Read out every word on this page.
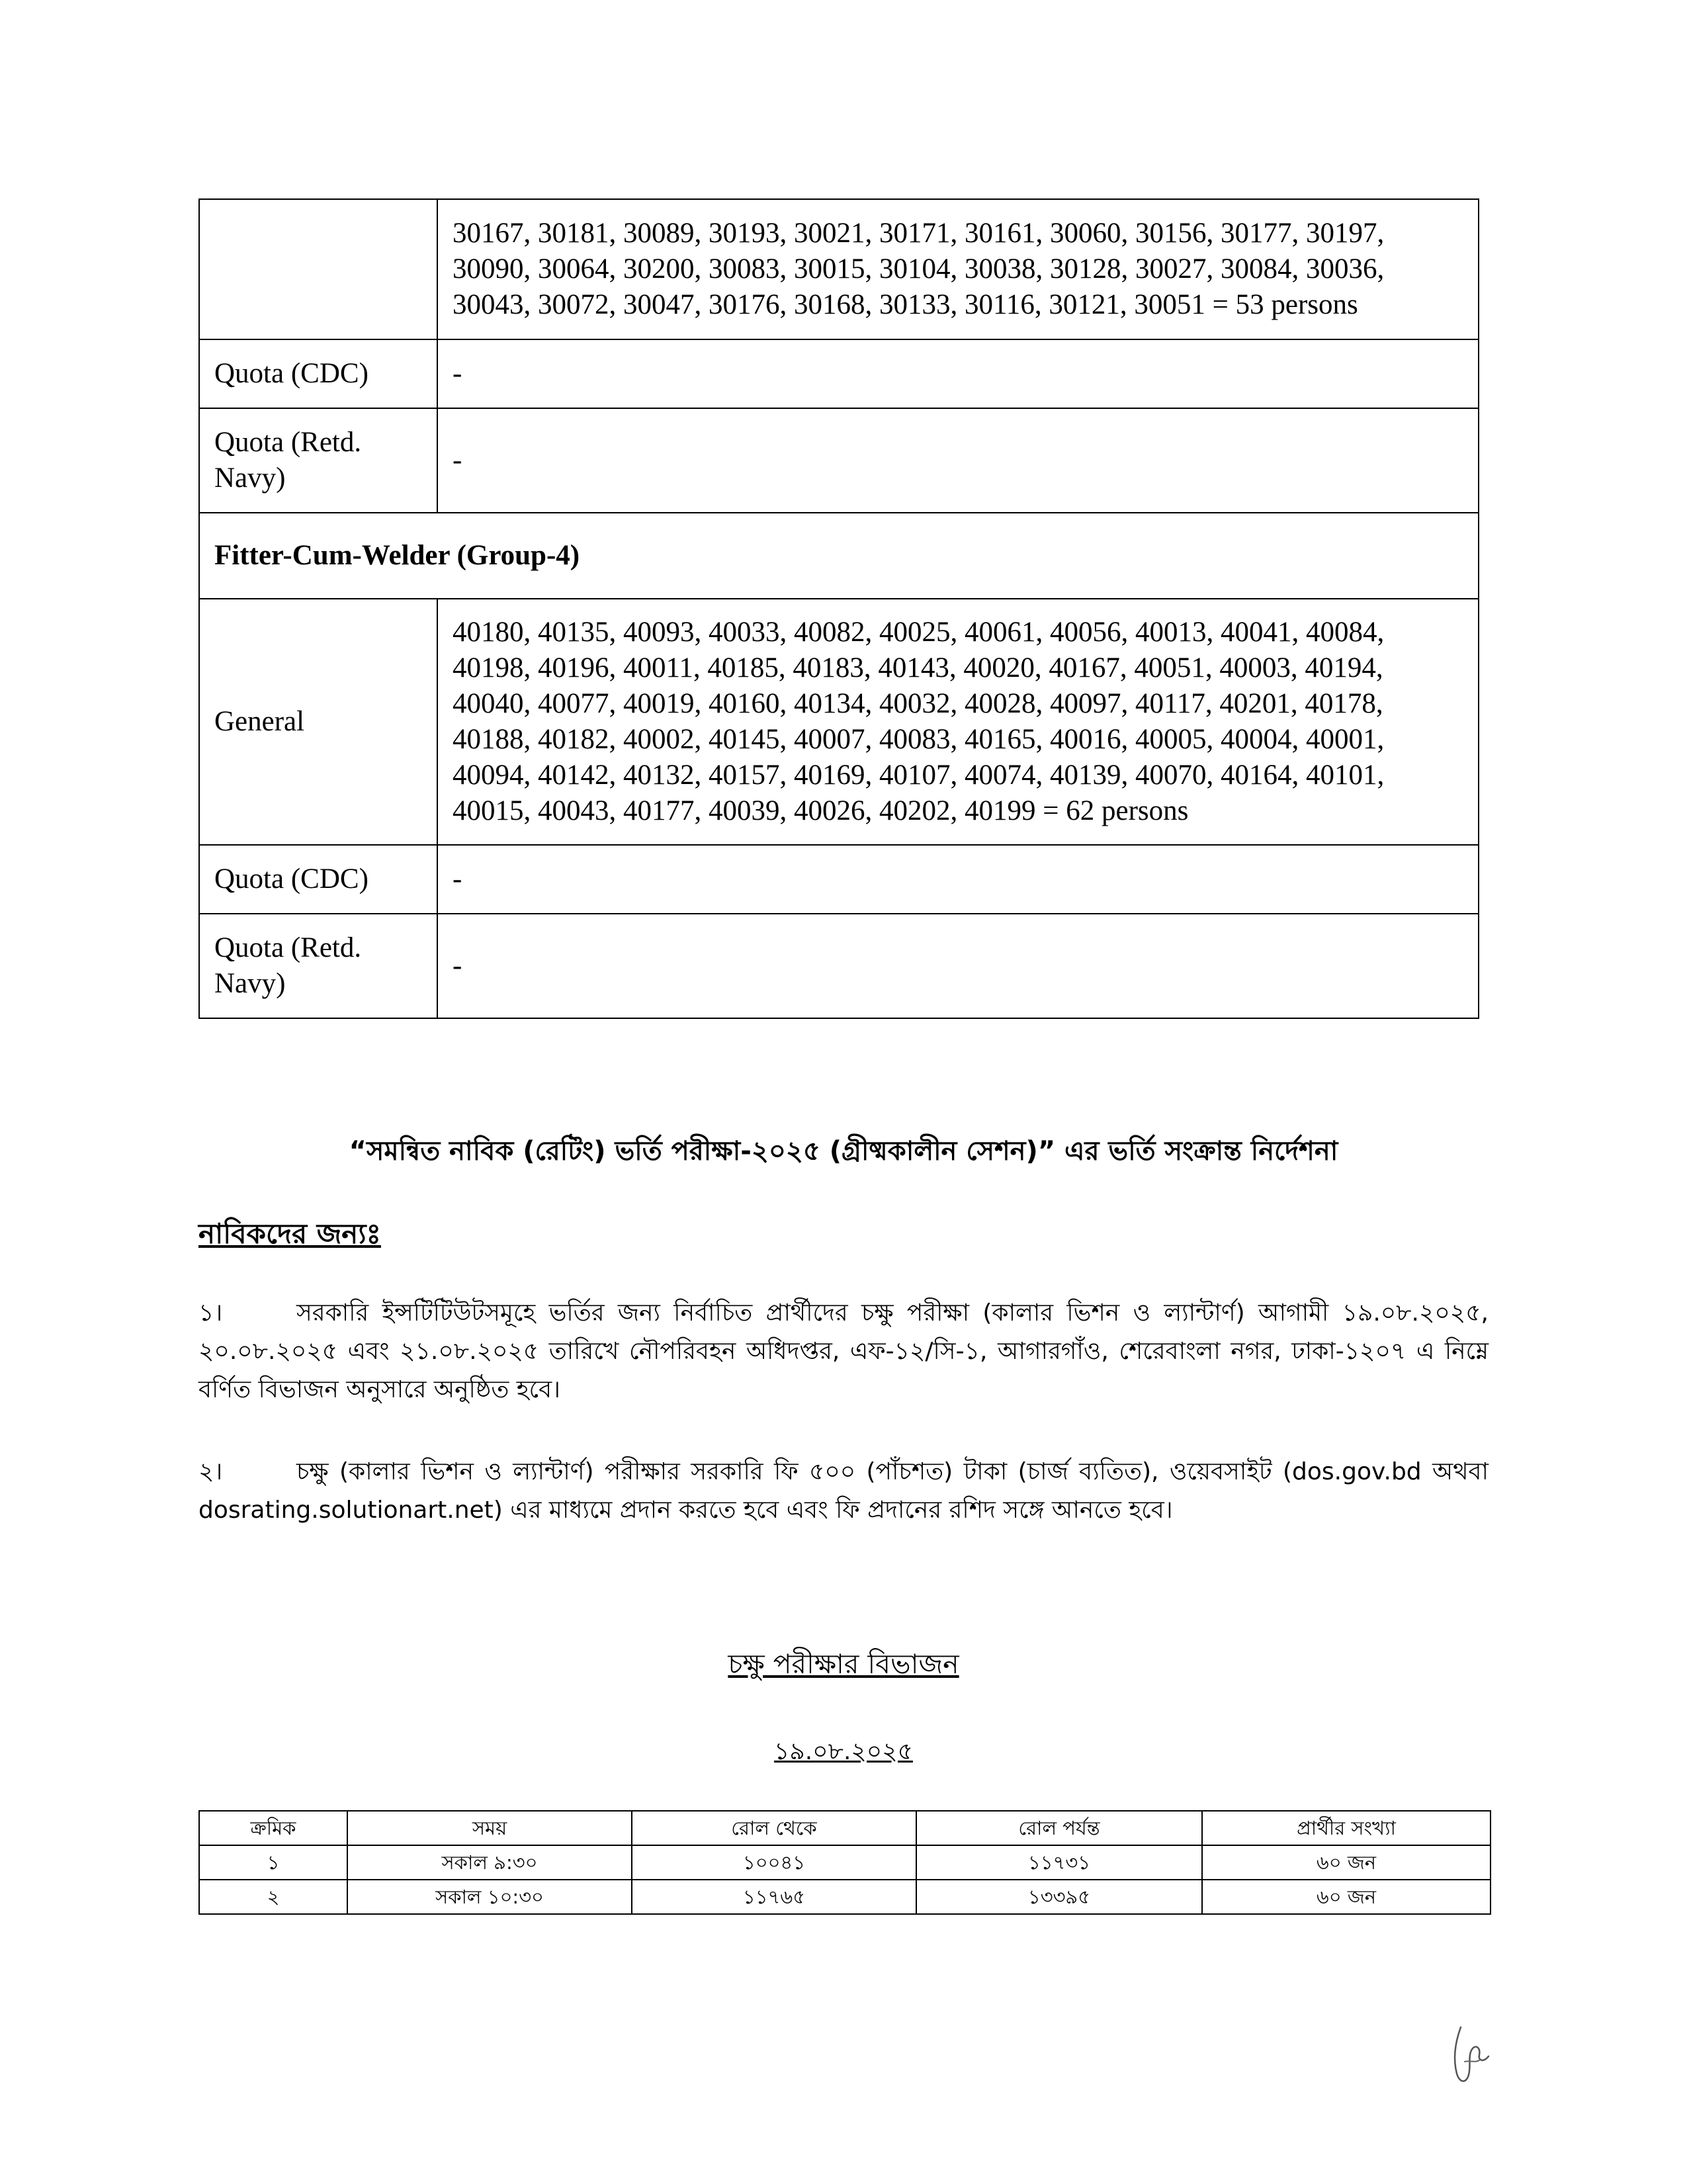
	30167, 30181, 30089, 30193, 30021, 30171, 30161, 30060, 30156, 30177, 30197, 30090, 30064, 30200, 30083, 30015, 30104, 30038, 30128, 30027, 30084, 30036, 30043, 30072, 30047, 30176, 30168, 30133, 30116, 30121, 30051 = 53 persons
Quota (CDC)	-
Quota (Retd. Navy)	-
Fitter-Cum-Welder (Group-4)	
General	40180, 40135, 40093, 40033, 40082, 40025, 40061, 40056, 40013, 40041, 40084, 40198, 40196, 40011, 40185, 40183, 40143, 40020, 40167, 40051, 40003, 40194, 40040, 40077, 40019, 40160, 40134, 40032, 40028, 40097, 40117, 40201, 40178, 40188, 40182, 40002, 40145, 40007, 40083, 40165, 40016, 40005, 40004, 40001, 40094, 40142, 40132, 40157, 40169, 40107, 40074, 40139, 40070, 40164, 40101, 40015, 40043, 40177, 40039, 40026, 40202, 40199 = 62 persons
Quota (CDC)	-
Quota (Retd. Navy)	-
“সমন্বিত নাবিক (রেটিং) ভর্তি পরীক্ষা-২০২৫ (গ্রীষ্মকালীন সেশন)” এর ভর্তি সংক্রান্ত নির্দেশনা
নাবিকদের জন্যঃ
১।	সরকারি ইন্সটিটিউটসমূহে ভর্তির জন্য নির্বাচিত প্রার্থীদের চক্ষু পরীক্ষা (কালার ভিশন ও ল্যান্টার্ণ) আগামী ১৯.০৮.২০২৫, ২০.০৮.২০২৫ এবং ২১.০৮.২০২৫ তারিখে নৌপরিবহন অধিদপ্তর, এফ-১২/সি-১, আগারগাঁও, শেরেবাংলা নগর, ঢাকা-১২০৭ এ নিম্নে বর্ণিত বিভাজন অনুসারে অনুষ্ঠিত হবে।
২।	চক্ষু (কালার ভিশন ও ল্যান্টার্ণ) পরীক্ষার সরকারি ফি ৫০০ (পাঁচশত) টাকা (চার্জ ব্যতিত), ওয়েবসাইট (dos.gov.bd অথবা dosrating.solutionart.net) এর মাধ্যমে প্রদান করতে হবে এবং ফি প্রদানের রশিদ সঙ্গে আনতে হবে।
চক্ষু পরীক্ষার বিভাজন
১৯.০৮.২০২৫
ক্রমিক	সময়	রোল থেকে	রোল পর্যন্ত	প্রার্থীর সংখ্যা
১	সকাল ৯:৩০	১০০৪১	১১৭৩১	৬০ জন
২	সকাল ১০:৩০	১১৭৬৫	১৩৩৯৫	৬০ জন
